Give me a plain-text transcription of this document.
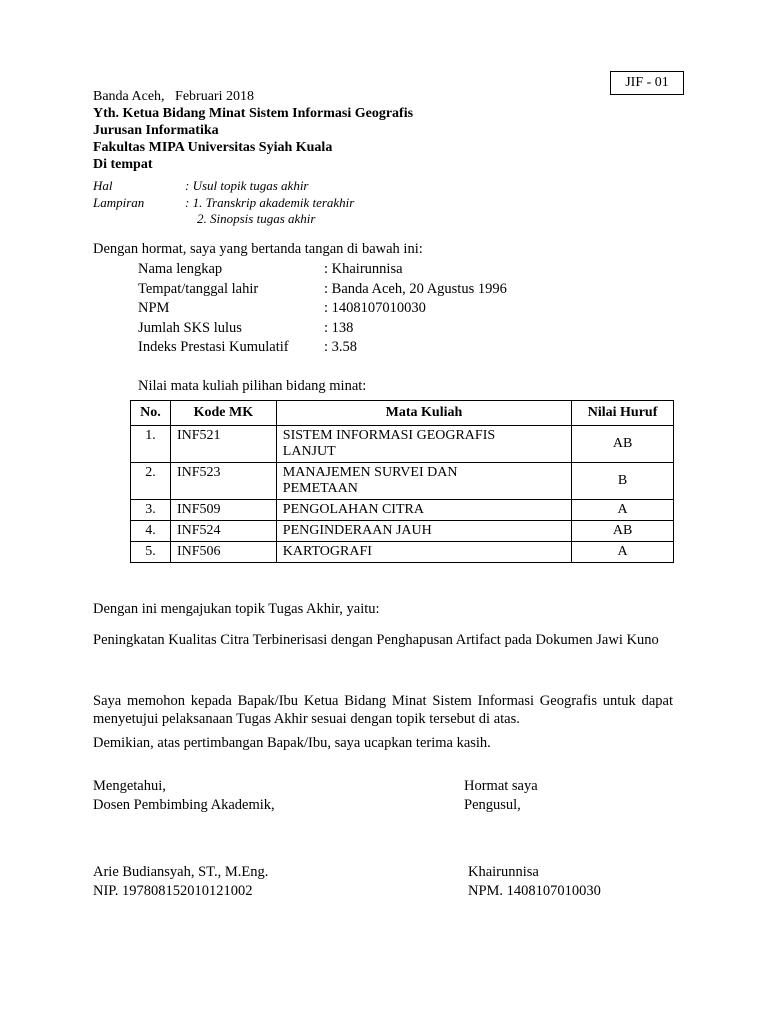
JIF - 01
Banda Aceh,   Februari 2018
Yth. Ketua Bidang Minat Sistem Informasi Geografis
Jurusan Informatika
Fakultas MIPA Universitas Syiah Kuala
Di tempat
Hal	: Usul topik tugas akhir
Lampiran	: 1. Transkrip akademik terakhir
2. Sinopsis tugas akhir
Dengan hormat, saya yang bertanda tangan di bawah ini:
Nama lengkap	: Khairunnisa
Tempat/tanggal lahir	: Banda Aceh, 20 Agustus 1996
NPM	: 1408107010030
Jumlah SKS lulus	: 138
Indeks Prestasi Kumulatif	: 3.58
Nilai mata kuliah pilihan bidang minat:
No.	Kode MK	Mata Kuliah	Nilai Huruf
1.	INF521	SISTEM INFORMASI GEOGRAFIS
LANJUT	AB
2.	INF523	MANAJEMEN SURVEI DAN
PEMETAAN	B
3.	INF509	PENGOLAHAN CITRA	A
4.	INF524	PENGINDERAAN JAUH	AB
5.	INF506	KARTOGRAFI	A
Dengan ini mengajukan topik Tugas Akhir, yaitu:
Peningkatan Kualitas Citra Terbinerisasi dengan Penghapusan Artifact pada Dokumen Jawi Kuno
Saya memohon kepada Bapak/Ibu Ketua Bidang Minat Sistem Informasi Geografis untuk dapat menyetujui pelaksanaan Tugas Akhir sesuai dengan topik tersebut di atas.
Demikian, atas pertimbangan Bapak/Ibu, saya ucapkan terima kasih.
Mengetahui,
Dosen Pembimbing Akademik,
Hormat saya
Pengusul,
Arie Budiansyah, ST., M.Eng.
NIP. 197808152010121002
Khairunnisa
NPM. 1408107010030
